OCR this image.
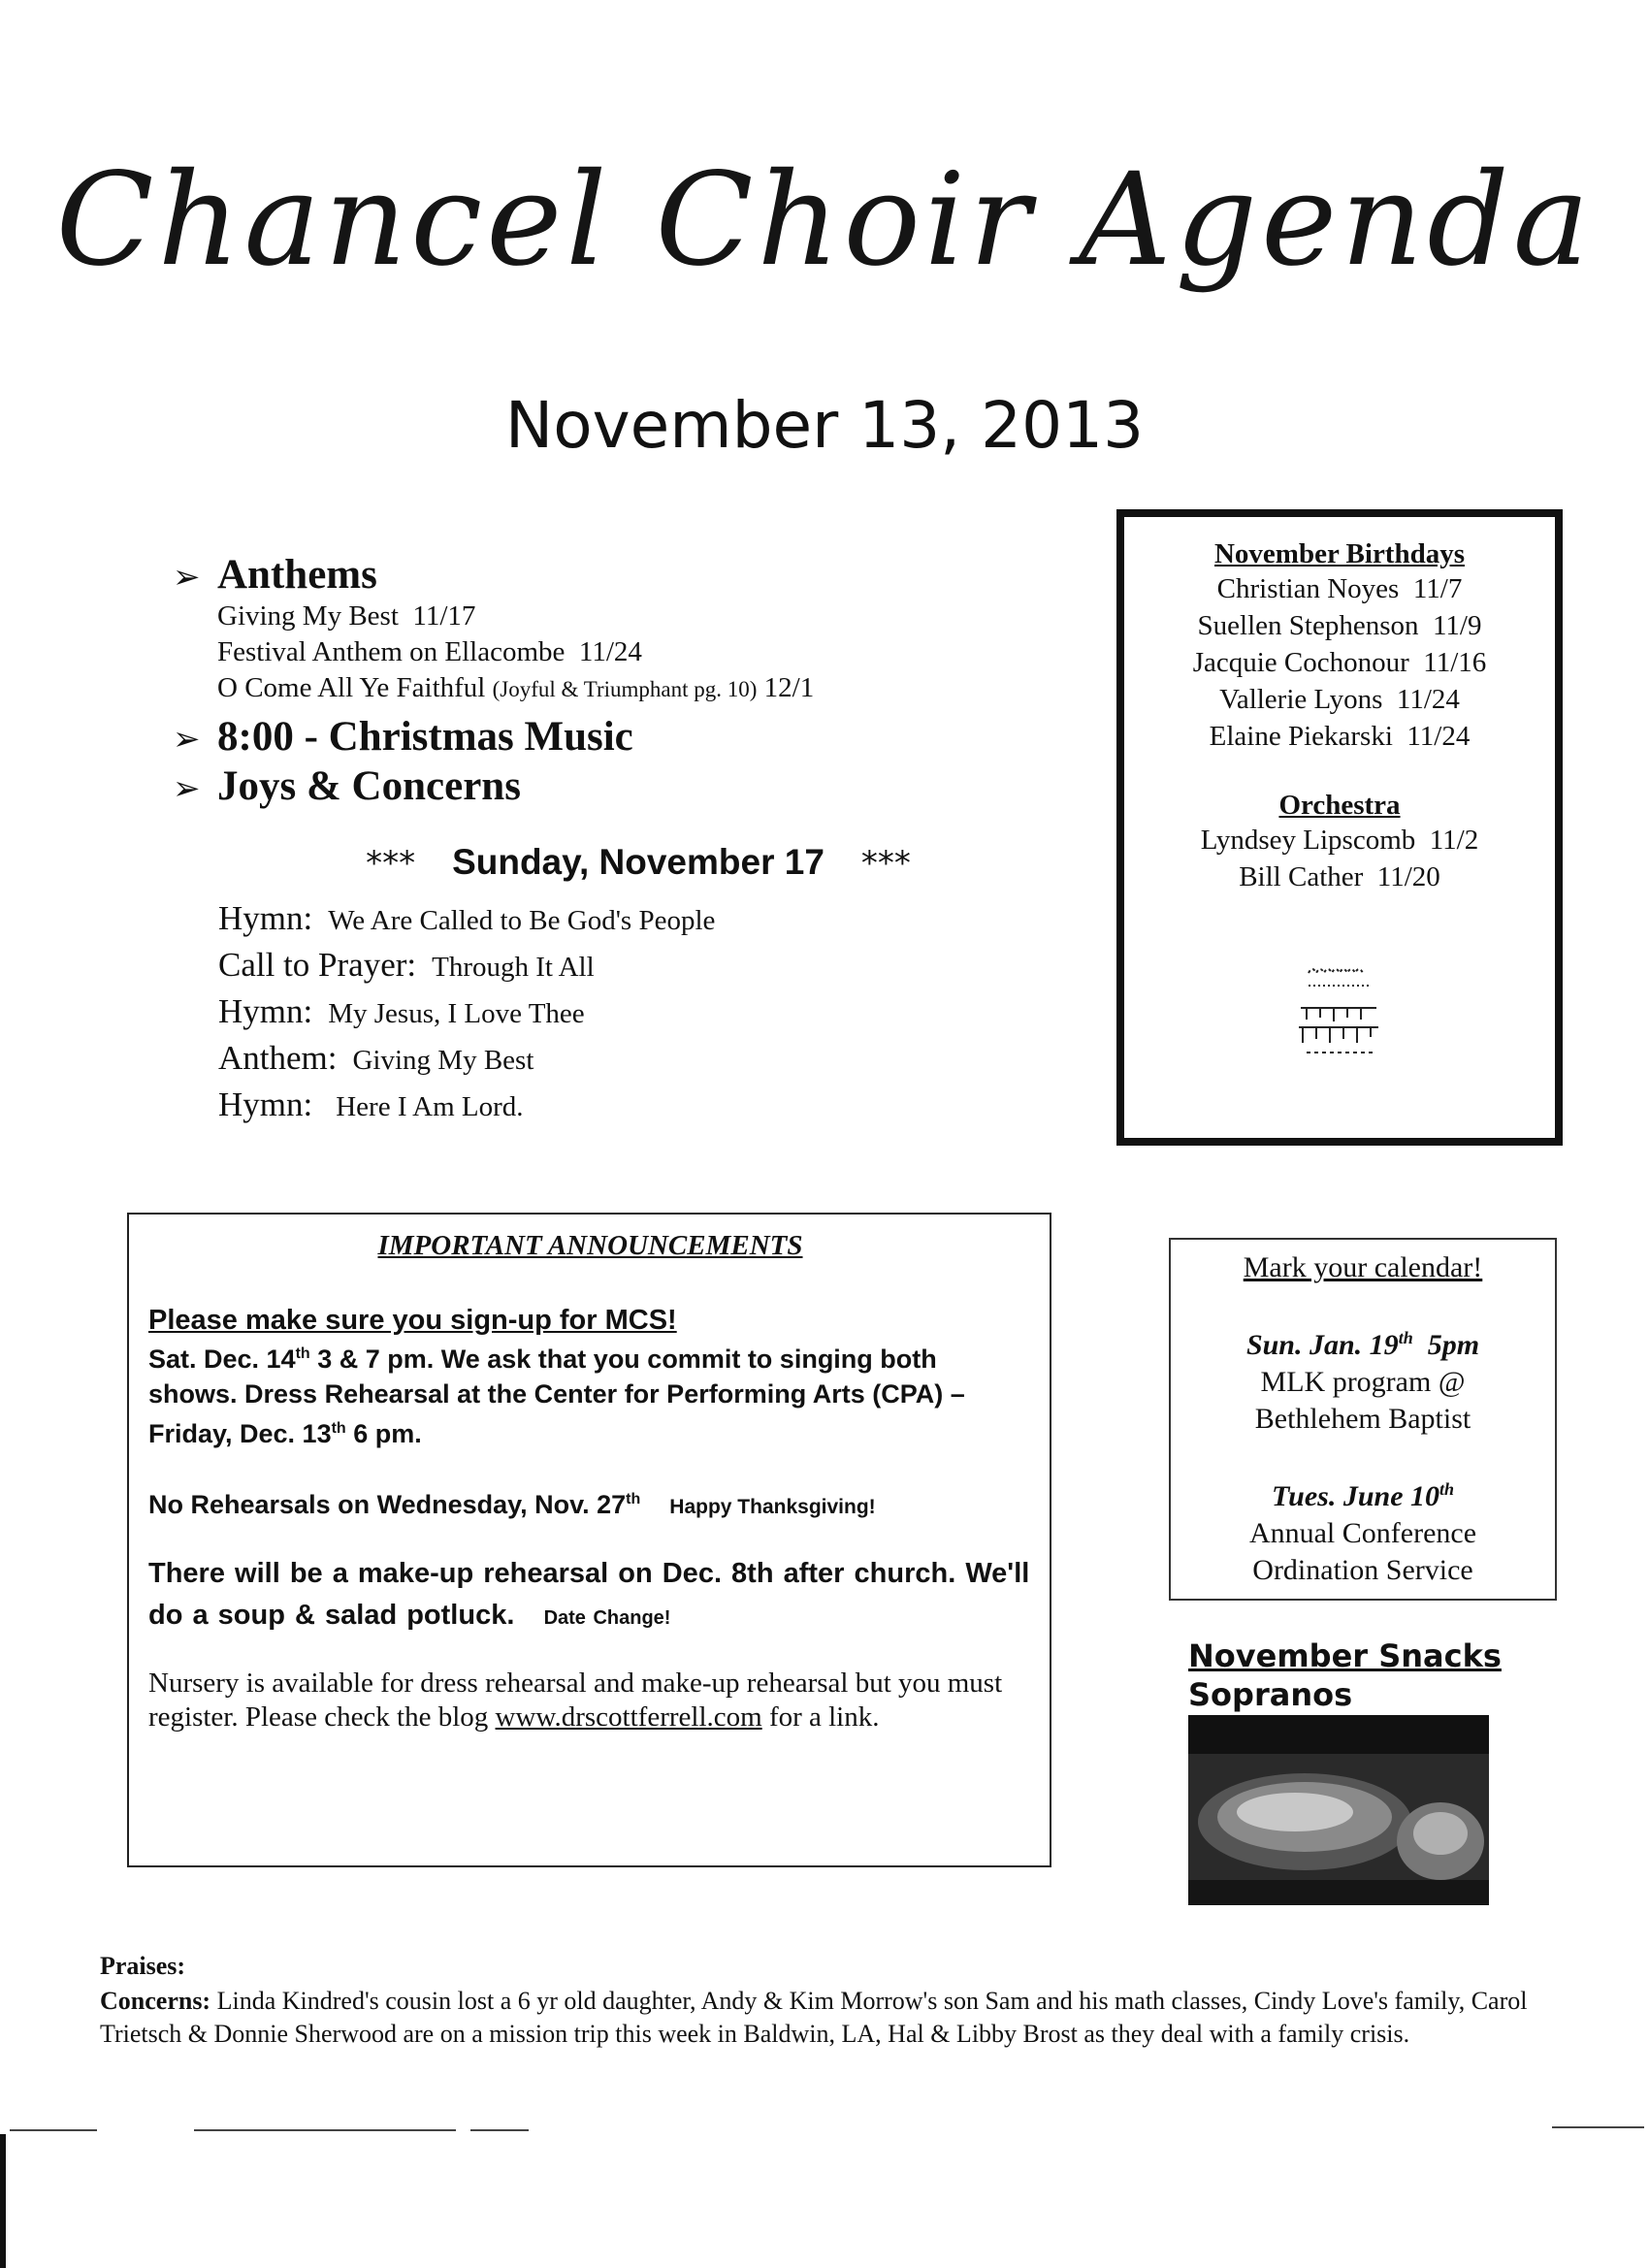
Chancel Choir Agenda
November 13, 2013
➢ Anthems
Giving My Best  11/17
Festival Anthem on Ellacombe  11/24
O Come All Ye Faithful (Joyful & Triumphant pg. 10) 12/1
➢ 8:00 - Christmas Music
➢ Joys & Concerns
*** Sunday, November 17 ***
Hymn: We Are Called to Be God's People
Call to Prayer: Through It All
Hymn: My Jesus, I Love Thee
Anthem: Giving My Best
Hymn: Here I Am Lord.
November Birthdays
Christian Noyes  11/7
Suellen Stephenson  11/9
Jacquie Cochonour  11/16
Vallerie Lyons  11/24
Elaine Piekarski  11/24
Orchestra
Lyndsey Lipscomb  11/2
Bill Cather  11/20
IMPORTANT ANNOUNCEMENTS
Please make sure you sign-up for MCS!
Sat. Dec. 14th 3 & 7 pm. We ask that you commit to singing both shows. Dress Rehearsal at the Center for Performing Arts (CPA) – Friday, Dec. 13th 6 pm.
No Rehearsals on Wednesday, Nov. 27th Happy Thanksgiving!
There will be a make-up rehearsal on Dec. 8th after church. We'll do a soup & salad potluck. Date Change!
Nursery is available for dress rehearsal and make-up rehearsal but you must register. Please check the blog www.drscottferrell.com for a link.
Mark your calendar!
Sun. Jan. 19th  5pm
MLK program @
Bethlehem Baptist
Tues. June 10th
Annual Conference
Ordination Service
November Snacks
Sopranos
Praises:
Concerns: Linda Kindred's cousin lost a 6 yr old daughter, Andy & Kim Morrow's son Sam and his math classes, Cindy Love's family, Carol Trietsch & Donnie Sherwood are on a mission trip this week in Baldwin, LA, Hal & Libby Brost as they deal with a family crisis.
